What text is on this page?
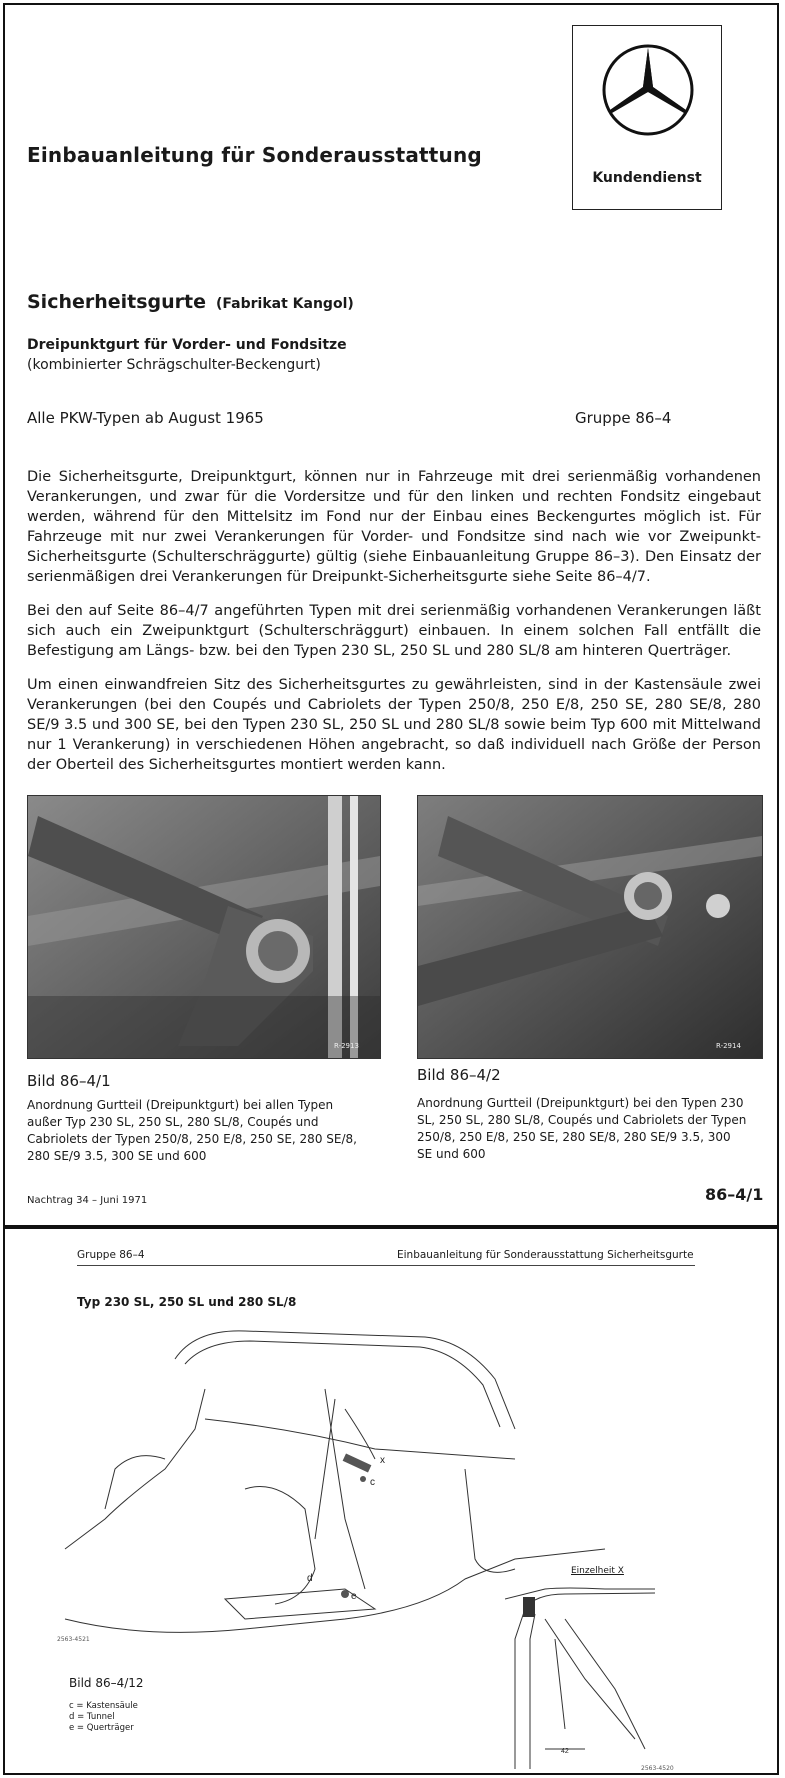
Einbauanleitung für Sonderausstattung
Kundendienst
Sicherheitsgurte (Fabrikat Kangol)
Dreipunktgurt für Vorder- und Fondsitze
(kombinierter Schrägschulter-Beckengurt)
Alle PKW-Typen ab August 1965	Gruppe 86–4
Die Sicherheitsgurte, Dreipunktgurt, können nur in Fahrzeuge mit drei serienmäßig vorhandenen Verankerungen, und zwar für die Vordersitze und für den linken und rechten Fondsitz eingebaut werden, während für den Mittelsitz im Fond nur der Einbau eines Beckengurtes möglich ist. Für Fahrzeuge mit nur zwei Verankerungen für Vorder- und Fondsitze sind nach wie vor Zweipunkt-Sicherheitsgurte (Schulterschräggurte) gültig (siehe Einbauanleitung Gruppe 86–3). Den Einsatz der serienmäßigen drei Verankerungen für Dreipunkt-Sicherheitsgurte siehe Seite 86–4/7.
Bei den auf Seite 86–4/7 angeführten Typen mit drei serienmäßig vorhandenen Verankerungen läßt sich auch ein Zweipunktgurt (Schulterschräggurt) einbauen. In einem solchen Fall entfällt die Befestigung am Längs- bzw. bei den Typen 230 SL, 250 SL und 280 SL/8 am hinteren Querträger.
Um einen einwandfreien Sitz des Sicherheitsgurtes zu gewährleisten, sind in der Kastensäule zwei Verankerungen (bei den Coupés und Cabriolets der Typen 250/8, 250 E/8, 250 SE, 280 SE/8, 280 SE/9 3.5 und 300 SE, bei den Typen 230 SL, 250 SL und 280 SL/8 sowie beim Typ 600 mit Mittelwand nur 1 Verankerung) in verschiedenen Höhen angebracht, so daß individuell nach Größe der Person der Oberteil des Sicherheitsgurtes montiert werden kann.
R-2913	R-2914
Bild 86–4/1
Anordnung Gurtteil (Dreipunktgurt) bei allen Typen außer Typ 230 SL, 250 SL, 280 SL/8, Coupés und Cabriolets der Typen 250/8, 250 E/8, 250 SE, 280 SE/8, 280 SE/9 3.5, 300 SE und 600
Bild 86–4/2
Anordnung Gurtteil (Dreipunktgurt) bei den Typen 230 SL, 250 SL, 280 SL/8, Coupés und Cabriolets der Typen 250/8, 250 E/8, 250 SE, 280 SE/8, 280 SE/9 3.5, 300 SE und 600
Nachtrag 34 – Juni 1971	86–4/1
Gruppe 86–4	Einbauanleitung für Sonderausstattung Sicherheitsgurte
Typ 230 SL, 250 SL und 280 SL/8
c
x
d
e
2563-4521
Bild 86–4/12
c = Kastensäule
d = Tunnel
e = Querträger
Einzelheit X
42
2563-4520
